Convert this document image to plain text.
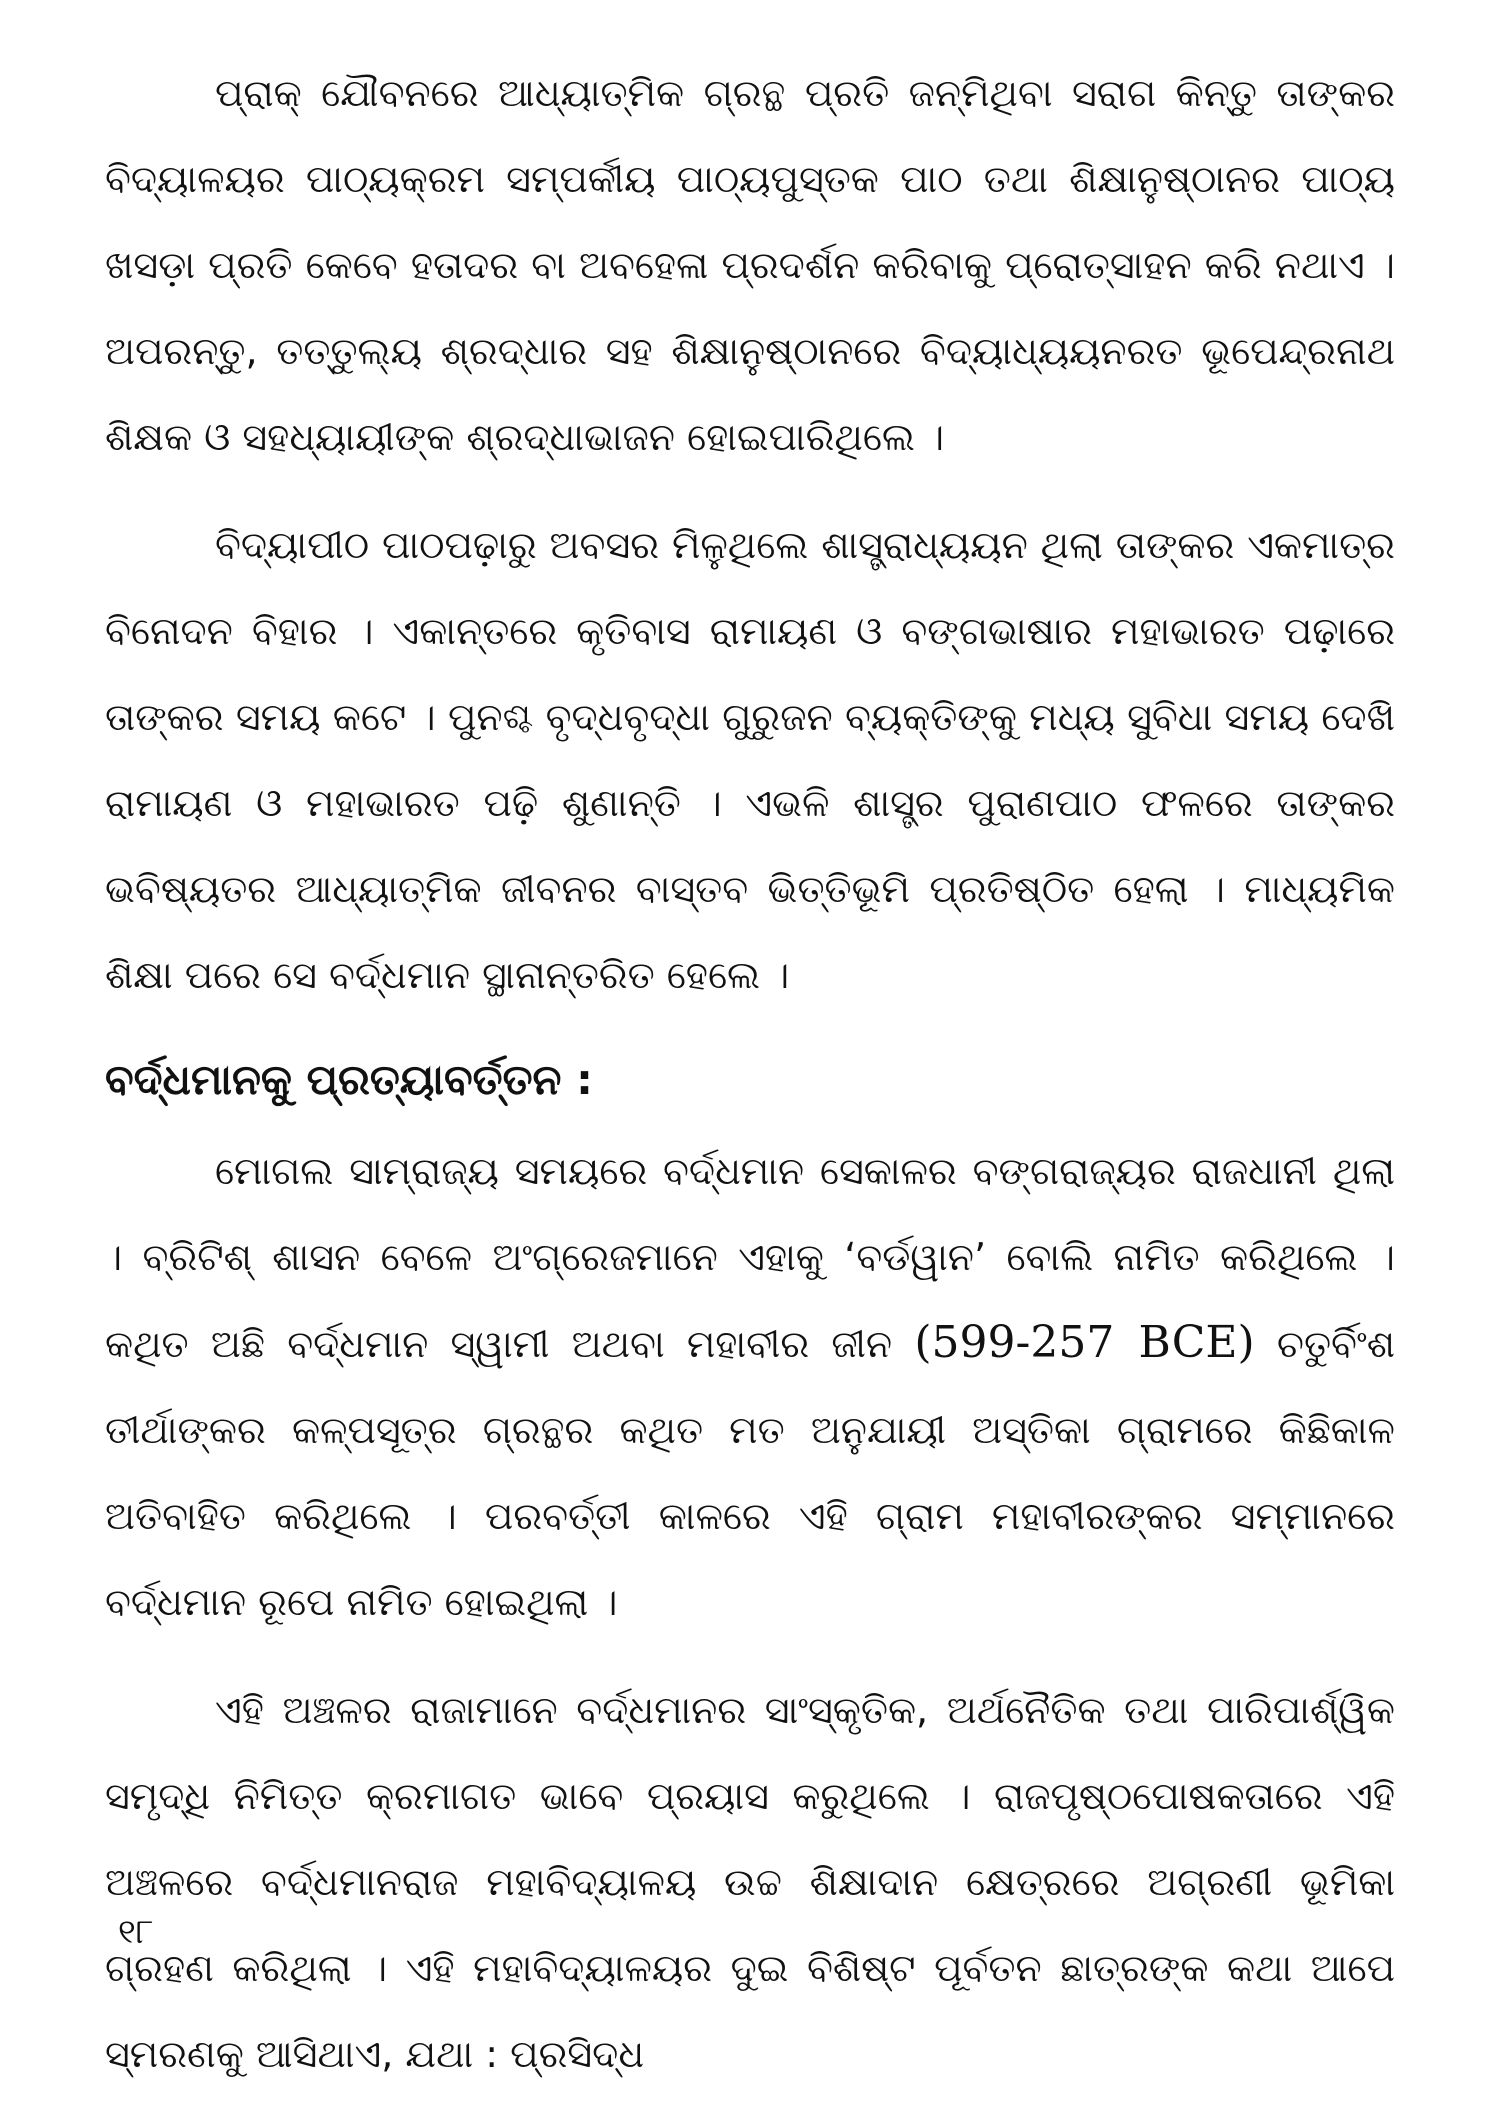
ପ୍ରାକ୍ ଯୌବନରେ ଆଧ୍ୟାତ୍ମିକ ଗ୍ରନ୍ଥ ପ୍ରତି ଜନ୍ମିଥିବା ସରାଗ କିନ୍ତୁ ତାଙ୍କର ବିଦ୍ୟାଳୟର ପାଠ୍ୟକ୍ରମ ସମ୍ପର୍କୀୟ ପାଠ୍ୟପୁସ୍ତକ ପାଠ ତଥା ଶିକ୍ଷାନୁଷ୍ଠାନର ପାଠ୍ୟ ଖସଡ଼ା ପ୍ରତି କେବେ ହତାଦର ବା ଅବହେଳା ପ୍ରଦର୍ଶନ କରିବାକୁ ପ୍ରୋତ୍ସାହନ କରି ନଥାଏ । ଅପରନ୍ତୁ, ତତ୍ତୁଲ୍ୟ ଶ୍ରଦ୍ଧାର ସହ ଶିକ୍ଷାନୁଷ୍ଠାନରେ ବିଦ୍ୟାଧ୍ୟୟନରତ ଭୂପେନ୍ଦ୍ରନାଥ ଶିକ୍ଷକ ଓ ସହଧ୍ୟାୟୀଙ୍କ ଶ୍ରଦ୍ଧାଭାଜନ ହୋଇପାରିଥିଲେ ।

ବିଦ୍ୟାପୀଠ ପାଠପଢ଼ାରୁ ଅବସର ମିଳୁଥିଲେ ଶାସ୍ତ୍ରାଧ୍ୟୟନ ଥିଲା ତାଙ୍କର ଏକମାତ୍ର ବିନୋଦନ ବିହାର । ଏକାନ୍ତରେ କୃତିବାସ ରାମାୟଣ ଓ ବଙ୍ଗଭାଷାର ମହାଭାରତ ପଢ଼ାରେ ତାଙ୍କର ସମୟ କଟେ । ପୁନଶ୍ଚ ବୃଦ୍ଧବୃଦ୍ଧା ଗୁରୁଜନ ବ୍ୟକ୍ତିଙ୍କୁ ମଧ୍ୟ ସୁବିଧା ସମୟ ଦେଖି ରାମାୟଣ ଓ ମହାଭାରତ ପଢ଼ି ଶୁଣାନ୍ତି । ଏଭଳି ଶାସ୍ତ୍ର ପୁରାଣପାଠ ଫଳରେ ତାଙ୍କର ଭବିଷ୍ୟତର ଆଧ୍ୟାତ୍ମିକ ଜୀବନର ବାସ୍ତବ ଭିତ୍ତିଭୂମି ପ୍ରତିଷ୍ଠିତ ହେଲା । ମାଧ୍ୟମିକ ଶିକ୍ଷା ପରେ ସେ ବର୍ଦ୍ଧମାନ ସ୍ଥାନାନ୍ତରିତ ହେଲେ ।

ବର୍ଦ୍ଧମାନକୁ ପ୍ରତ୍ୟାବର୍ତ୍ତନ :

ମୋଗଲ ସାମ୍ରାଜ୍ୟ ସମୟରେ ବର୍ଦ୍ଧମାନ ସେକାଳର ବଙ୍ଗରାଜ୍ୟର ରାଜଧାନୀ ଥିଲା । ବ୍ରିଟିଶ୍ ଶାସନ ବେଳେ ଅଂଗ୍ରେଜମାନେ ଏହାକୁ ‘ବର୍ଡୱାନ’ ବୋଲି ନାମିତ କରିଥିଲେ । କଥିତ ଅଛି ବର୍ଦ୍ଧମାନ ସ୍ୱାମୀ ଅଥବା ମହାବୀର ଜୀନ (599-257 BCE) ଚତୁର୍ବିଂଶ ତୀର୍ଥାଙ୍କର କଳ୍ପସୂତ୍ର ଗ୍ରନ୍ଥର କଥିତ ମତ ଅନୁଯାୟୀ ଅସ୍ତିକା ଗ୍ରାମରେ କିଛିକାଳ ଅତିବାହିତ କରିଥିଲେ । ପରବର୍ତ୍ତୀ କାଳରେ ଏହି ଗ୍ରାମ ମହାବୀରଙ୍କର ସମ୍ମାନରେ ବର୍ଦ୍ଧମାନ ରୂପେ ନାମିତ ହୋଇଥିଲା ।

ଏହି ଅଞ୍ଚଳର ରାଜାମାନେ ବର୍ଦ୍ଧମାନର ସାଂସ୍କୃତିକ, ଅର୍ଥନୈତିକ ତଥା ପାରିପାର୍ଶ୍ୱିକ ସମୃଦ୍ଧି ନିମିତ୍ତ କ୍ରମାଗତ ଭାବେ ପ୍ରୟାସ କରୁଥିଲେ । ରାଜପୃଷ୍ଠପୋଷକତାରେ ଏହି ଅଞ୍ଚଳରେ ବର୍ଦ୍ଧମାନରାଜ ମହାବିଦ୍ୟାଳୟ ଉଚ୍ଚ ଶିକ୍ଷାଦାନ କ୍ଷେତ୍ରରେ ଅଗ୍ରଣୀ ଭୂମିକା ଗ୍ରହଣ କରିଥିଲା । ଏହି ମହାବିଦ୍ୟାଳୟର ଦୁଇ ବିଶିଷ୍ଟ ପୂର୍ବତନ ଛାତ୍ରଙ୍କ କଥା ଆପେ ସ୍ମରଣକୁ ଆସିଥାଏ, ଯଥା : ପ୍ରସିଦ୍ଧ

୧୮
